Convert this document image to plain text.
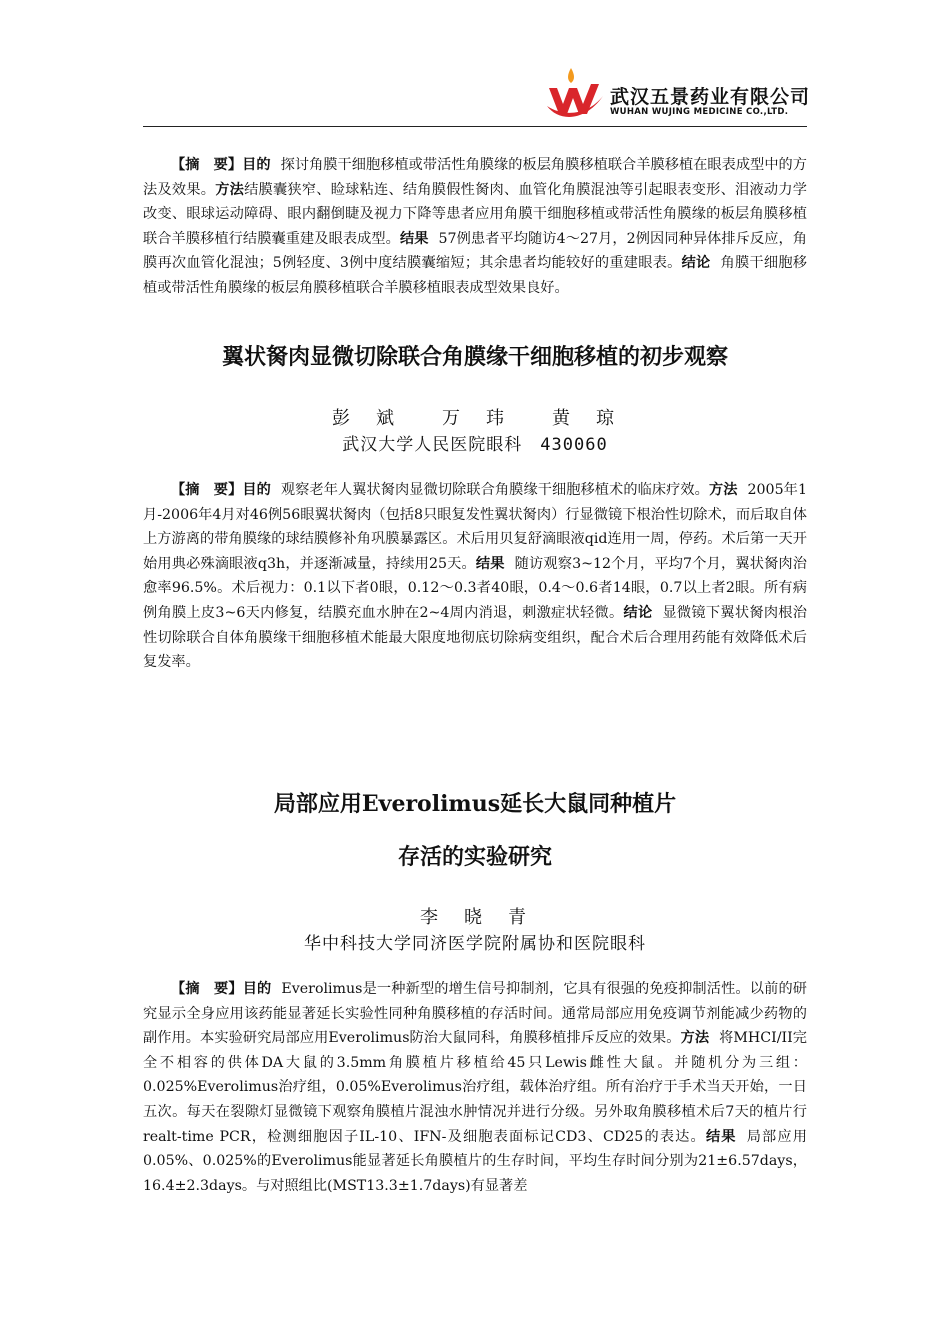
武汉五景药业有限公司
WUHAN WUJING MEDICINE CO.,LTD.

【摘　要】目的 探讨角膜干细胞移植或带活性角膜缘的板层角膜移植联合羊膜移植在眼表成型中的方法及效果。方法结膜囊狭窄、睑球粘连、结角膜假性胬肉、血管化角膜混浊等引起眼表变形、泪液动力学改变、眼球运动障碍、眼内翻倒睫及视力下降等患者应用角膜干细胞移植或带活性角膜缘的板层角膜移植联合羊膜移植行结膜囊重建及眼表成型。结果 57例患者平均随访4～27月，2例因同种异体排斥反应，角膜再次血管化混浊；5例轻度、3例中度结膜囊缩短；其余患者均能较好的重建眼表。结论 角膜干细胞移植或带活性角膜缘的板层角膜移植联合羊膜移植眼表成型效果良好。

翼状胬肉显微切除联合角膜缘干细胞移植的初步观察
彭　斌　　万　玮　　黄　琼
武汉大学人民医院眼科　430060

【摘　要】目的 观察老年人翼状胬肉显微切除联合角膜缘干细胞移植术的临床疗效。方法 2005年1月-2006年4月对46例56眼翼状胬肉（包括8只眼复发性翼状胬肉）行显微镜下根治性切除术，而后取自体上方游离的带角膜缘的球结膜修补角巩膜暴露区。术后用贝复舒滴眼液qid连用一周，停药。术后第一天开始用典必殊滴眼液q3h，并逐渐减量，持续用25天。结果 随访观察3~12个月，平均7个月，翼状胬肉治愈率96.5%。术后视力：0.1以下者0眼，0.12～0.3者40眼，0.4～0.6者14眼，0.7以上者2眼。所有病例角膜上皮3~6天内修复，结膜充血水肿在2~4周内消退，刺激症状轻微。结论 显微镜下翼状胬肉根治性切除联合自体角膜缘干细胞移植术能最大限度地彻底切除病变组织，配合术后合理用药能有效降低术后复发率。

局部应用Everolimus延长大鼠同种植片
存活的实验研究
李　晓　青
华中科技大学同济医学院附属协和医院眼科

【摘　要】目的 Everolimus是一种新型的增生信号抑制剂，它具有很强的免疫抑制活性。以前的研究显示全身应用该药能显著延长实验性同种角膜移植的存活时间。通常局部应用免疫调节剂能减少药物的副作用。本实验研究局部应用Everolimus防治大鼠同科，角膜移植排斥反应的效果。方法 将MHCI/II完全不相容的供体DA大鼠的3.5mm角膜植片移植给45只Lewis雌性大鼠。并随机分为三组：0.025%Everolimus治疗组，0.05%Everolimus治疗组，载体治疗组。所有治疗于手术当天开始，一日五次。每天在裂隙灯显微镜下观察角膜植片混浊水肿情况并进行分级。另外取角膜移植术后7天的植片行realt-time PCR，检测细胞因子IL-10、IFN-及细胞表面标记CD3、CD25的表达。结果 局部应用0.05%、0.025%的Everolimus能显著延长角膜植片的生存时间，平均生存时间分别为21±6.57days，16.4±2.3days。与对照组比(MST13.3±1.7days)有显著差
